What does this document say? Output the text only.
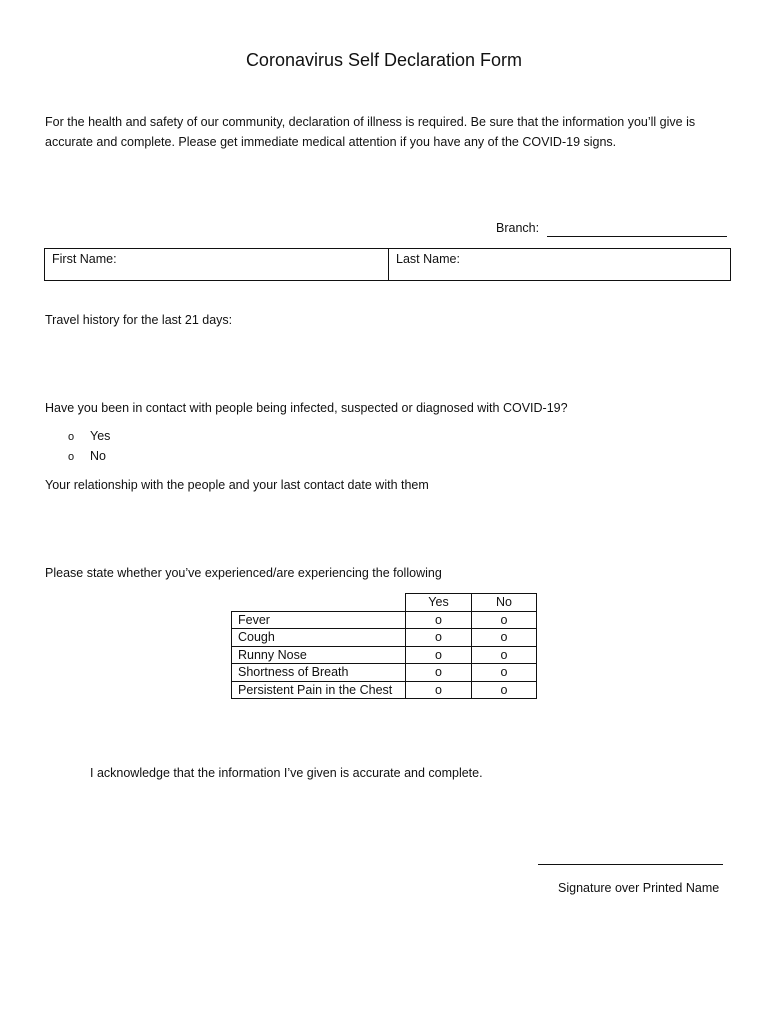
Coronavirus Self Declaration Form
For the health and safety of our community, declaration of illness is required. Be sure that the information you’ll give is
accurate and complete. Please get immediate medical attention if you have any of the COVID-19 signs.
Branch:
First Name:	Last Name:
Travel history for the last 21 days:
Have you been in contact with people being infected, suspected or diagnosed with COVID-19?
o Yes
o No
Your relationship with the people and your last contact date with them
Please state whether you’ve experienced/are experiencing the following
	Yes	No
Fever	o	o
Cough	o	o
Runny Nose	o	o
Shortness of Breath	o	o
Persistent Pain in the Chest	o	o
I acknowledge that the information I’ve given is accurate and complete.
Signature over Printed Name
